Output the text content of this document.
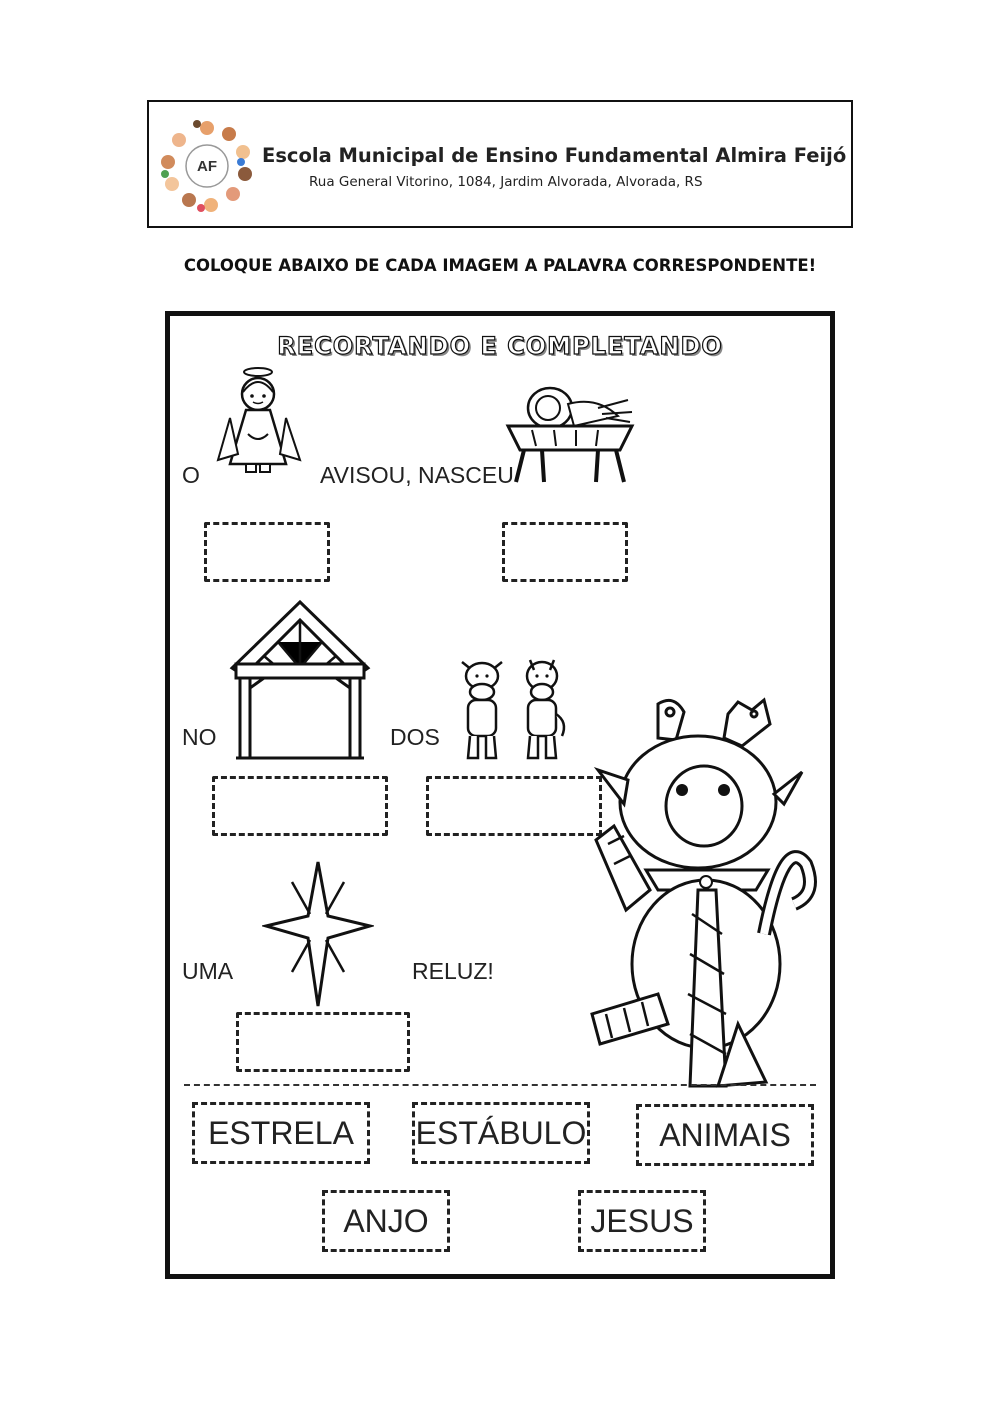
AF Escola Municipal de Ensino Fundamental Almira Feijó
Rua General Vitorino, 1084, Jardim Alvorada, Alvorada, RS
COLOQUE ABAIXO DE CADA IMAGEM A PALAVRA CORRESPONDENTE!
RECORTANDO E COMPLETANDO
O	AVISOU, NASCEU
NO	DOS
UMA	RELUZ!
ESTRELA	ESTÁBULO	ANIMAIS
ANJO	JESUS
